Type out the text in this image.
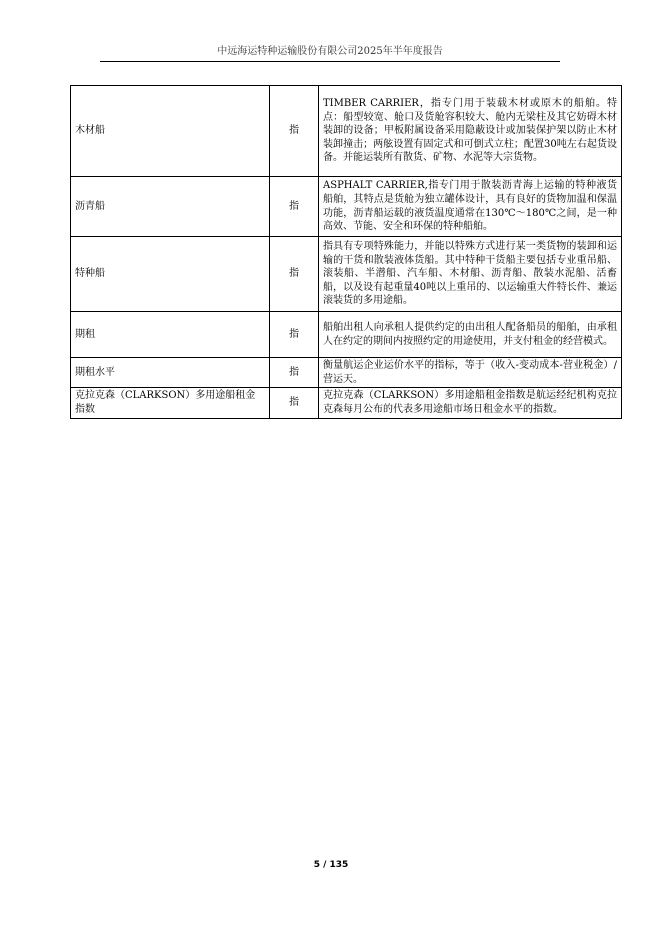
中远海运特种运输股份有限公司2025年半年度报告
木材船	指	TIMBER CARRIER，指专门用于装载木材或原木的船舶。特点：船型较宽、舱口及货舱容积较大、舱内无梁柱及其它妨碍木材装卸的设备；甲板附属设备采用隐蔽设计或加装保护架以防止木材装卸撞击；两舷设置有固定式和可倒式立柱；配置30吨左右起货设备。并能运装所有散货、矿物、水泥等大宗货物。
沥青船	指	ASPHALT CARRIER,指专门用于散装沥青海上运输的特种液货船舶，其特点是货舱为独立罐体设计，具有良好的货物加温和保温功能，沥青船运载的液货温度通常在130℃～180℃之间，是一种高效、节能、安全和环保的特种船舶。
特种船	指	指具有专项特殊能力，并能以特殊方式进行某一类货物的装卸和运输的干货和散装液体货船。其中特种干货船主要包括专业重吊船、滚装船、半潜船、汽车船、木材船、沥青船、散装水泥船、活畜船，以及设有起重量40吨以上重吊的、以运输重大件特长件、兼运滚装货的多用途船。
期租	指	船舶出租人向承租人提供约定的由出租人配备船员的船舶，由承租人在约定的期间内按照约定的用途使用，并支付租金的经营模式。
期租水平	指	衡量航运企业运价水平的指标，等于（收入-变动成本-营业税金）/营运天。
克拉克森（CLARKSON）多用途船租金指数	指	克拉克森（CLARKSON）多用途船租金指数是航运经纪机构克拉克森每月公布的代表多用途船市场日租金水平的指数。
5 / 135
